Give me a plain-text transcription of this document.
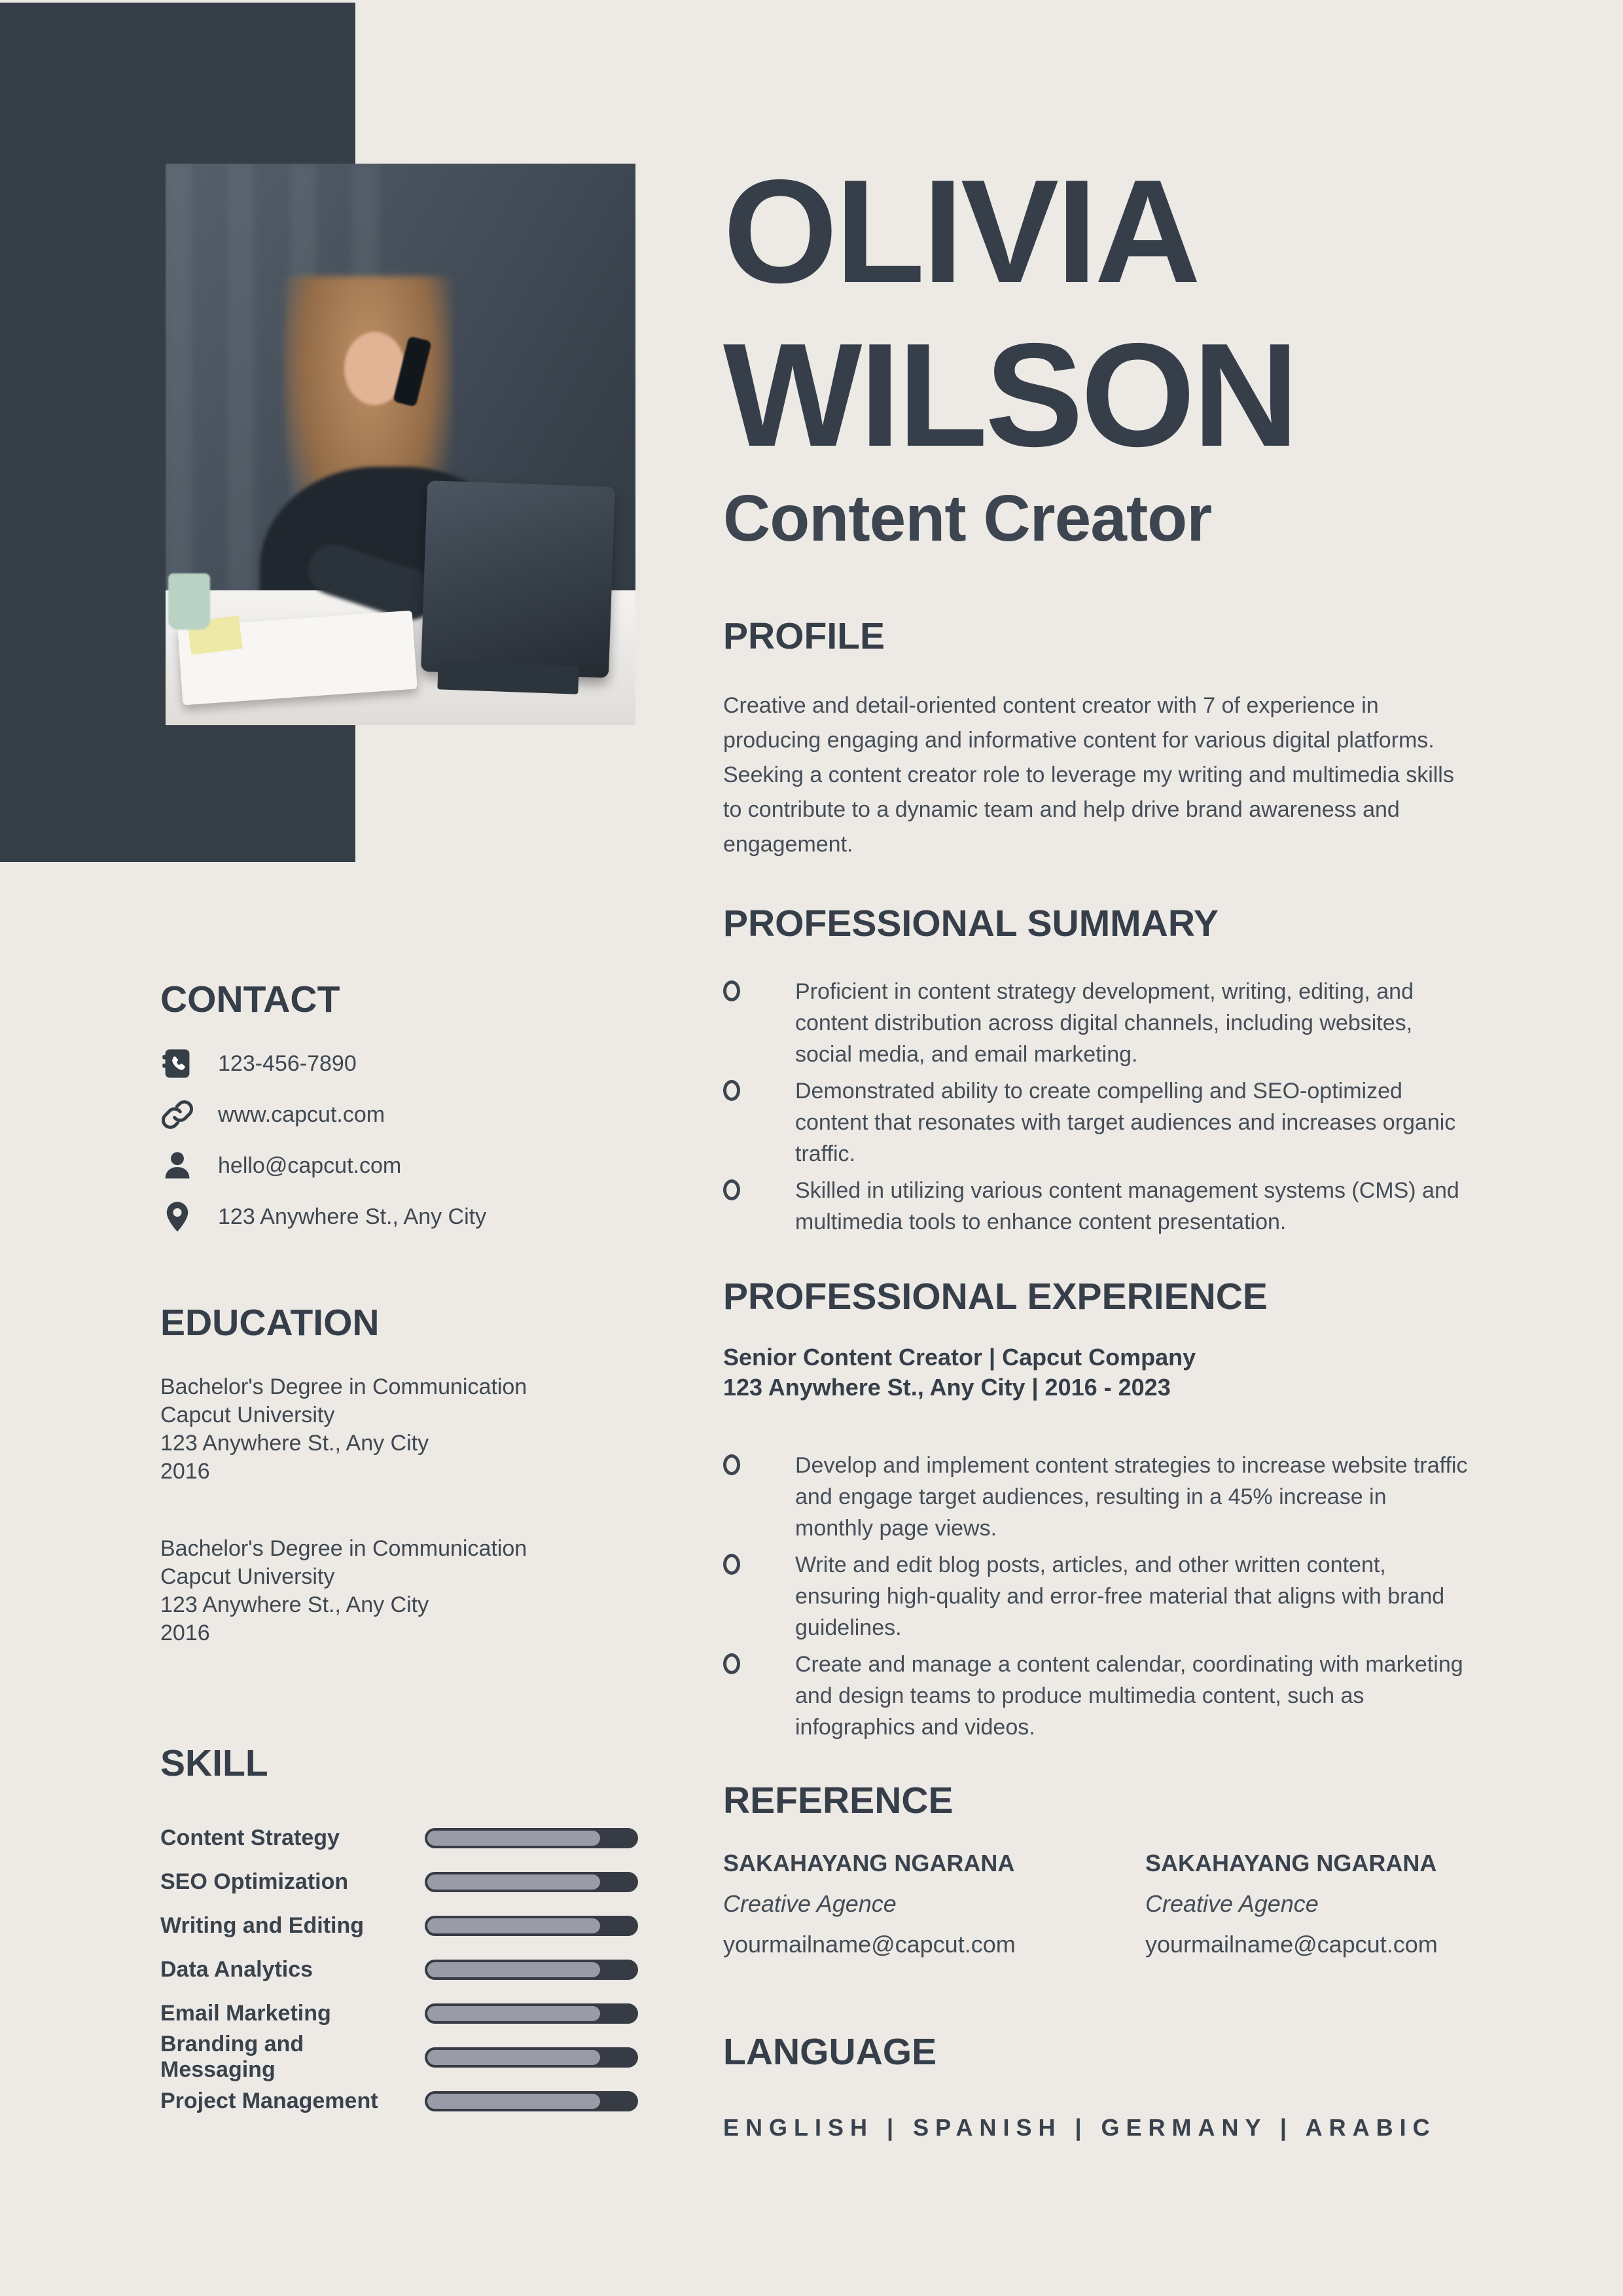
OLIVIA
WILSON
Content Creator
PROFILE
Creative and detail-oriented content creator with 7 of experience in producing engaging and informative content for various digital platforms. Seeking a content creator role to leverage my writing and multimedia skills to contribute to a dynamic team and help drive brand awareness and engagement.
PROFESSIONAL SUMMARY
Proficient in content strategy development, writing, editing, and content distribution across digital channels, including websites, social media, and email marketing.
Demonstrated ability to create compelling and SEO-optimized content that resonates with target audiences and increases organic traffic.
Skilled in utilizing various content management systems (CMS) and multimedia tools to enhance content presentation.
PROFESSIONAL EXPERIENCE
Senior Content Creator | Capcut Company
123 Anywhere St., Any City | 2016 - 2023
Develop and implement content strategies to increase website traffic and engage target audiences, resulting in a 45% increase in monthly page views.
Write and edit blog posts, articles, and other written content, ensuring high-quality and error-free material that aligns with brand guidelines.
Create and manage a content calendar, coordinating with marketing and design teams to produce multimedia content, such as infographics and videos.
REFERENCE
SAKAHAYANG NGARANA
Creative Agence
yourmailname@capcut.com
SAKAHAYANG NGARANA
Creative Agence
yourmailname@capcut.com
LANGUAGE
ENGLISH | SPANISH | GERMANY | ARABIC
CONTACT
123-456-7890
www.capcut.com
hello@capcut.com
123 Anywhere St., Any City
EDUCATION
Bachelor's Degree in Communication
Capcut University
123 Anywhere St., Any City
2016
Bachelor's Degree in Communication
Capcut University
123 Anywhere St., Any City
2016
SKILL
Content Strategy
SEO Optimization
Writing and Editing
Data Analytics
Email Marketing
Branding and Messaging
Project Management
